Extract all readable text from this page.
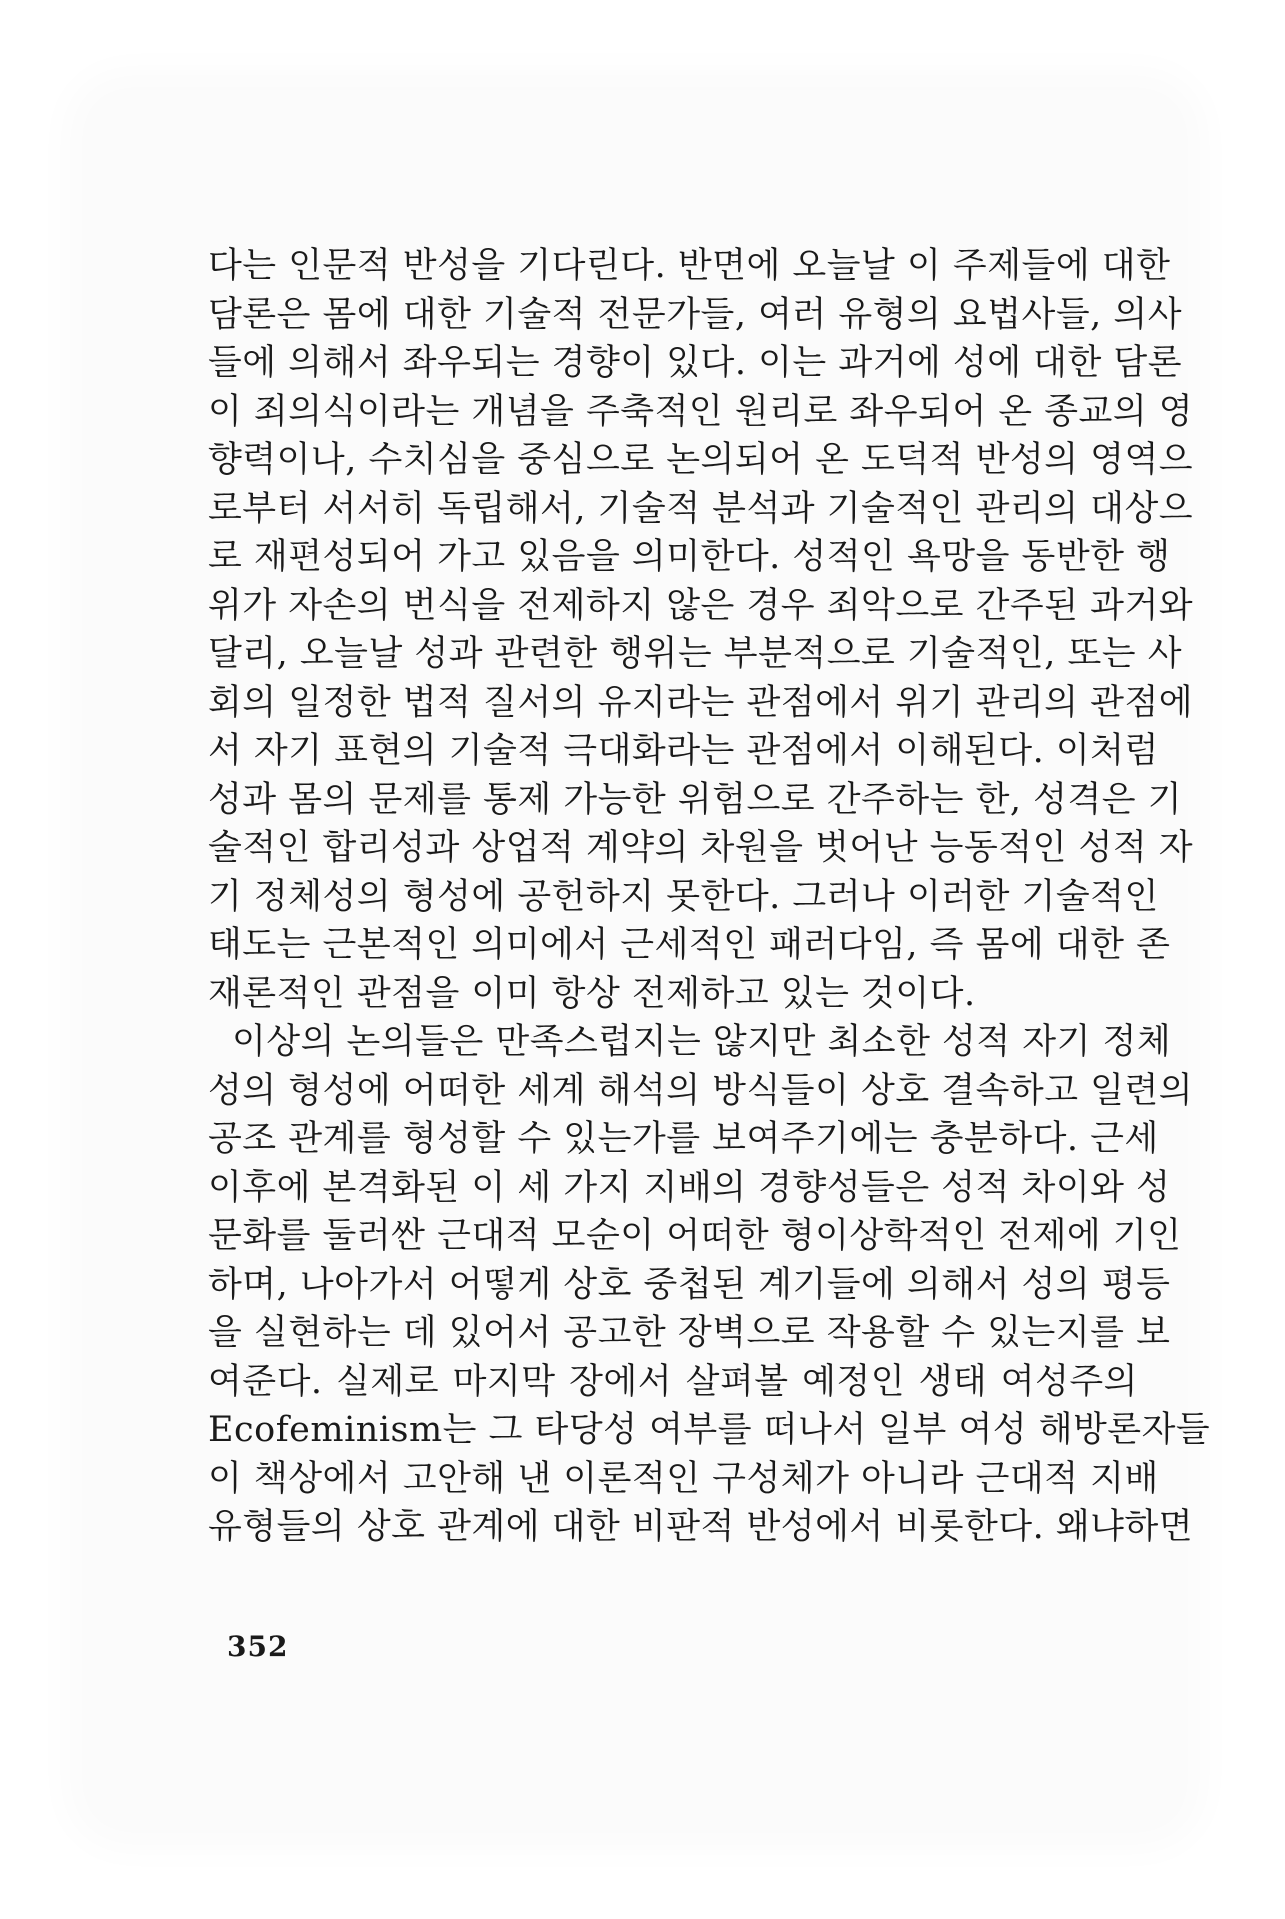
다는 인문적 반성을 기다린다. 반면에 오늘날 이 주제들에 대한
담론은 몸에 대한 기술적 전문가들, 여러 유형의 요법사들, 의사
들에 의해서 좌우되는 경향이 있다. 이는 과거에 성에 대한 담론
이 죄의식이라는 개념을 주축적인 원리로 좌우되어 온 종교의 영
향력이나, 수치심을 중심으로 논의되어 온 도덕적 반성의 영역으
로부터 서서히 독립해서, 기술적 분석과 기술적인 관리의 대상으
로 재편성되어 가고 있음을 의미한다. 성적인 욕망을 동반한 행
위가 자손의 번식을 전제하지 않은 경우 죄악으로 간주된 과거와
달리, 오늘날 성과 관련한 행위는 부분적으로 기술적인, 또는 사
회의 일정한 법적 질서의 유지라는 관점에서 위기 관리의 관점에
서 자기 표현의 기술적 극대화라는 관점에서 이해된다. 이처럼
성과 몸의 문제를 통제 가능한 위험으로 간주하는 한, 성격은 기
술적인 합리성과 상업적 계약의 차원을 벗어난 능동적인 성적 자
기 정체성의 형성에 공헌하지 못한다. 그러나 이러한 기술적인
태도는 근본적인 의미에서 근세적인 패러다임, 즉 몸에 대한 존
재론적인 관점을 이미 항상 전제하고 있는 것이다.
이상의 논의들은 만족스럽지는 않지만 최소한 성적 자기 정체
성의 형성에 어떠한 세계 해석의 방식들이 상호 결속하고 일련의
공조 관계를 형성할 수 있는가를 보여주기에는 충분하다. 근세
이후에 본격화된 이 세 가지 지배의 경향성들은 성적 차이와 성
문화를 둘러싼 근대적 모순이 어떠한 형이상학적인 전제에 기인
하며, 나아가서 어떻게 상호 중첩된 계기들에 의해서 성의 평등
을 실현하는 데 있어서 공고한 장벽으로 작용할 수 있는지를 보
여준다. 실제로 마지막 장에서 살펴볼 예정인 생태 여성주의
Ecofeminism는 그 타당성 여부를 떠나서 일부 여성 해방론자들
이 책상에서 고안해 낸 이론적인 구성체가 아니라 근대적 지배
유형들의 상호 관계에 대한 비판적 반성에서 비롯한다. 왜냐하면
352
